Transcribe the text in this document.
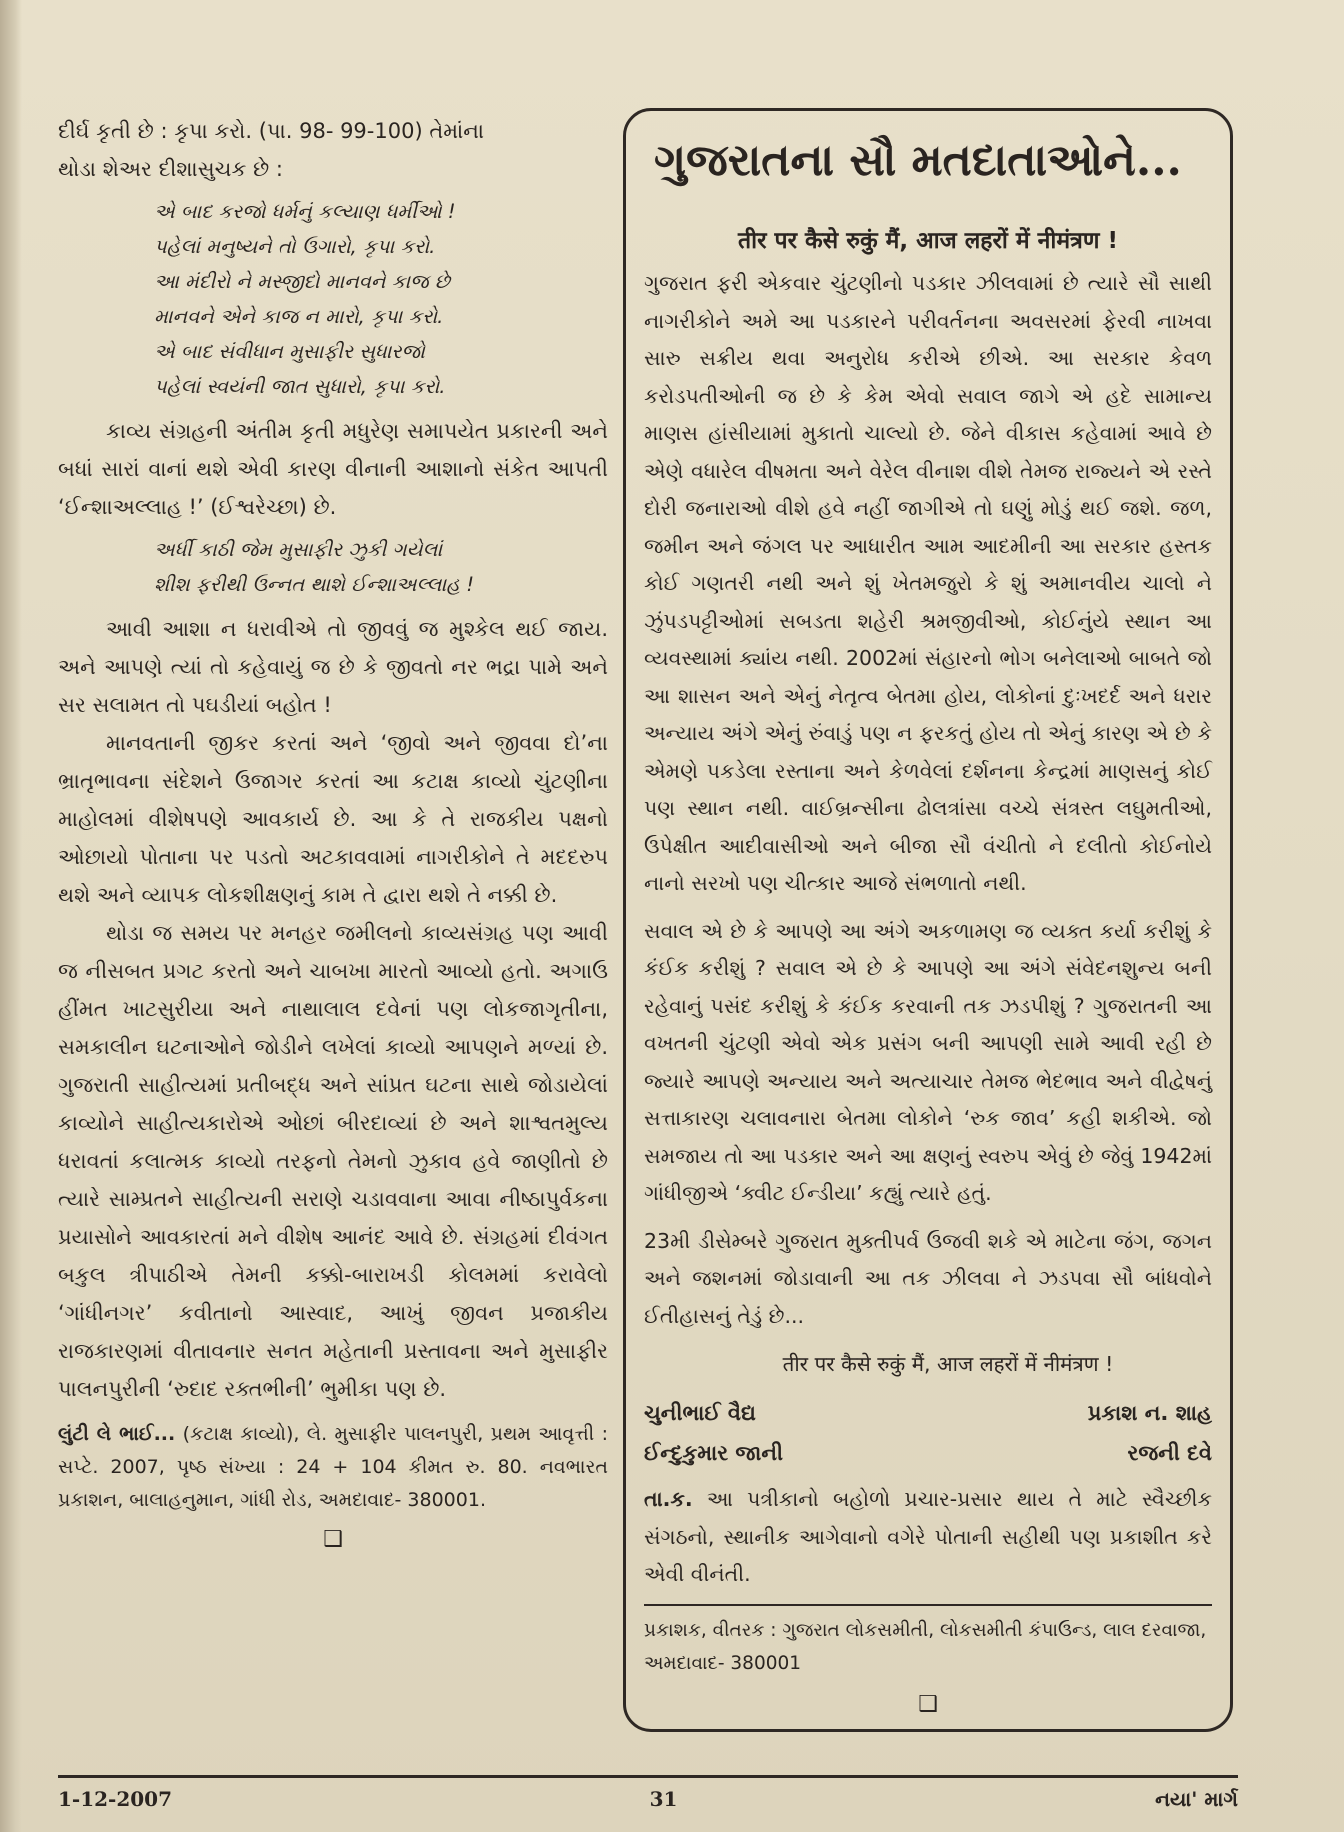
દીર્ઘ કૃતી છે : કૃપા કરો. (પા. 98- 99-100) તેમાંના

થોડા શેઅર દીશાસુચક છે :

એ બાદ કરજો ધર્મનું કલ્યાણ ધર્મીઓ !
પહેલાં મનુષ્યને તો ઉગારો, કૃપા કરો.
આ મંદીરો ને મસ્જીદો માનવને કાજ છે
માનવને એને કાજ ન મારો, કૃપા કરો.
એ બાદ સંવીધાન મુસાફીર સુધારજો
પહેલાં સ્વયંની જાત સુધારો, કૃપા કરો.

કાવ્ય સંગ્રહની અંતીમ કૃતી મધુરેણ સમાપયેત પ્રકારની અને બધાં સારાં વાનાં થશે એવી કારણ વીનાની આશાનો સંકેત આપતી ‘ઈન્શાઅલ્લાહ !’ (ઈશ્વરેચ્છા) છે.

અર્ધી કાઠી જેમ મુસાફીર ઝુકી ગયેલાં
શીશ ફરીથી ઉન્નત થાશે ઈન્શાઅલ્લાહ !

આવી આશા ન ધરાવીએ તો જીવવું જ મુશ્કેલ થઈ જાય. અને આપણે ત્યાં તો કહેવાયું જ છે કે જીવતો નર ભદ્રા પામે અને સર સલામત તો પઘડીયાં બહોત !

માનવતાની જીકર કરતાં અને ‘જીવો અને જીવવા દો’ના ભ્રાતૃભાવના સંદેશને ઉજાગર કરતાં આ કટાક્ષ કાવ્યો ચુંટણીના માહોલમાં વીશેષપણે આવકાર્ય છે. આ કે તે રાજકીય પક્ષનો ઓછાયો પોતાના પર પડતો અટકાવવામાં નાગરીકોને તે મદદરુપ થશે અને વ્યાપક લોકશીક્ષણનું કામ તે દ્વારા થશે તે નક્કી છે.

થોડા જ સમય પર મનહર જમીલનો કાવ્યસંગ્રહ પણ આવી જ નીસબત પ્રગટ કરતો અને ચાબખા મારતો આવ્યો હતો. અગાઉ હીંમત ખાટસુરીયા અને નાથાલાલ દવેનાં પણ લોકજાગૃતીના, સમકાલીન ઘટનાઓને જોડીને લખેલાં કાવ્યો આપણને મળ્યાં છે. ગુજરાતી સાહીત્યમાં પ્રતીબદ્ધ અને સાંપ્રત ઘટના સાથે જોડાયેલાં કાવ્યોને સાહીત્યકારોએ ઓછાં બીરદાવ્યાં છે અને શાશ્વતમુલ્ય ધરાવતાં કલાત્મક કાવ્યો તરફનો તેમનો ઝુકાવ હવે જાણીતો છે ત્યારે સામ્પ્રતને સાહીત્યની સરાણે ચડાવવાના આવા નીષ્ઠાપુર્વકના પ્રયાસોને આવકારતાં મને વીશેષ આનંદ આવે છે. સંગ્રહમાં દીવંગત બકુલ ત્રીપાઠીએ તેમની કક્કો-બારાખડી કોલમમાં કરાવેલો ‘ગાંધીનગર’ કવીતાનો આસ્વાદ, આખું જીવન પ્રજાકીય રાજકારણમાં વીતાવનાર સનત મહેતાની પ્રસ્તાવના અને મુસાફીર પાલનપુરીની ‘રુદાદ રક્તભીની’ ભુમીકા પણ છે.

લુંટી લે ભાઈ... (કટાક્ષ કાવ્યો), લે. મુસાફીર પાલનપુરી, પ્રથમ આવૃત્તી : સપ્ટે. 2007, પૃષ્ઠ સંખ્યા : 24 + 104 કીમત રુ. 80. નવભારત પ્રકાશન, બાલાહનુમાન, ગાંધી રોડ, અમદાવાદ- 380001.
❑
ગુજરાતના સૌ મતદાતાઓને...
तीर पर कैसे रुकुं मैं, आज लहरों में नीमंत्रण !

ગુજરાત ફરી એકવાર ચુંટણીનો પડકાર ઝીલવામાં છે ત્યારે સૌ સાથી નાગરીકોને અમે આ પડકારને પરીવર્તનના અવસરમાં ફેરવી નાખવા સારુ સક્રીય થવા અનુરોધ કરીએ છીએ. આ સરકાર કેવળ કરોડપતીઓની જ છે કે કેમ એવો સવાલ જાગે એ હદે સામાન્ય માણસ હાંસીયામાં મુકાતો ચાલ્યો છે. જેને વીકાસ કહેવામાં આવે છે એણે વધારેલ વીષમતા અને વેરેલ વીનાશ વીશે તેમજ રાજ્યને એ રસ્તે દોરી જનારાઓ વીશે હવે નહીં જાગીએ તો ઘણું મોડું થઈ જશે. જળ, જમીન અને જંગલ પર આધારીત આમ આદમીની આ સરકાર હસ્તક કોઈ ગણતરી નથી અને શું ખેતમજુરો કે શું અમાનવીય ચાલો ને ઝુંપડપટ્ટીઓમાં સબડતા શહેરી શ્રમજીવીઓ, કોઈનુંયે સ્થાન આ વ્યવસ્થામાં ક્યાંય નથી. 2002માં સંહારનો ભોગ બનેલાઓ બાબતે જો આ શાસન અને એનું નેતૃત્વ બેતમા હોય, લોકોનાં દુઃખદર્દ અને ધરાર અન્યાય અંગે એનું રુંવાડું પણ ન ફરકતું હોય તો એનું કારણ એ છે કે એમણે પકડેલા રસ્તાના અને કેળવેલાં દર્શનના કેન્દ્રમાં માણસનું કોઈ પણ સ્થાન નથી. વાઈબ્રન્સીના ઢોલત્રાંસા વચ્ચે સંત્રસ્ત લઘુમતીઓ, ઉપેક્ષીત આદીવાસીઓ અને બીજા સૌ વંચીતો ને દલીતો કોઈનોયે નાનો સરખો પણ ચીત્કાર આજે સંભળાતો નથી.

સવાલ એ છે કે આપણે આ અંગે અકળામણ જ વ્યક્ત કર્યા કરીશું કે કંઈક કરીશું ? સવાલ એ છે કે આપણે આ અંગે સંવેદનશુન્ય બની રહેવાનું પસંદ કરીશું કે કંઈક કરવાની તક ઝડપીશું ? ગુજરાતની આ વખતની ચુંટણી એવો એક પ્રસંગ બની આપણી સામે આવી રહી છે જ્યારે આપણે અન્યાય અને અત્યાચાર તેમજ ભેદભાવ અને વીદ્વેષનું સત્તાકારણ ચલાવનારા બેતમા લોકોને ‘રુક જાવ’ કહી શકીએ. જો સમજાય તો આ પડકાર અને આ ક્ષણનું સ્વરુપ એવું છે જેવું 1942માં ગાંધીજીએ ‘ક્વીટ ઈન્ડીયા’ કહ્યું ત્યારે હતું.

23મી ડીસેમ્બરે ગુજરાત મુક્તીપર્વ ઉજવી શકે એ માટેના જંગ, જગન અને જશનમાં જોડાવાની આ તક ઝીલવા ને ઝડપવા સૌ બાંધવોને ઈતીહાસનું તેડું છે...

तीर पर कैसे रुकुं मैं, आज लहरों में नीमंत्रण !
ચુનીભાઈ વૈદ્ય	પ્રકાશ ન. શાહ
ઈન્દુકુમાર જાની	રજની દવે
તા.ક. આ પત્રીકાનો બહોળો પ્રચાર-પ્રસાર થાય તે માટે સ્વૈચ્છીક સંગઠનો, સ્થાનીક આગેવાનો વગેરે પોતાની સહીથી પણ પ્રકાશીત કરે એવી વીનંતી.
પ્રકાશક, વીતરક : ગુજરાત લોકસમીતી, લોકસમીતી કંપાઉન્ડ, લાલ દરવાજા, અમદાવાદ- 380001
❑
1-12-2007	31	નયા' માર્ગ
